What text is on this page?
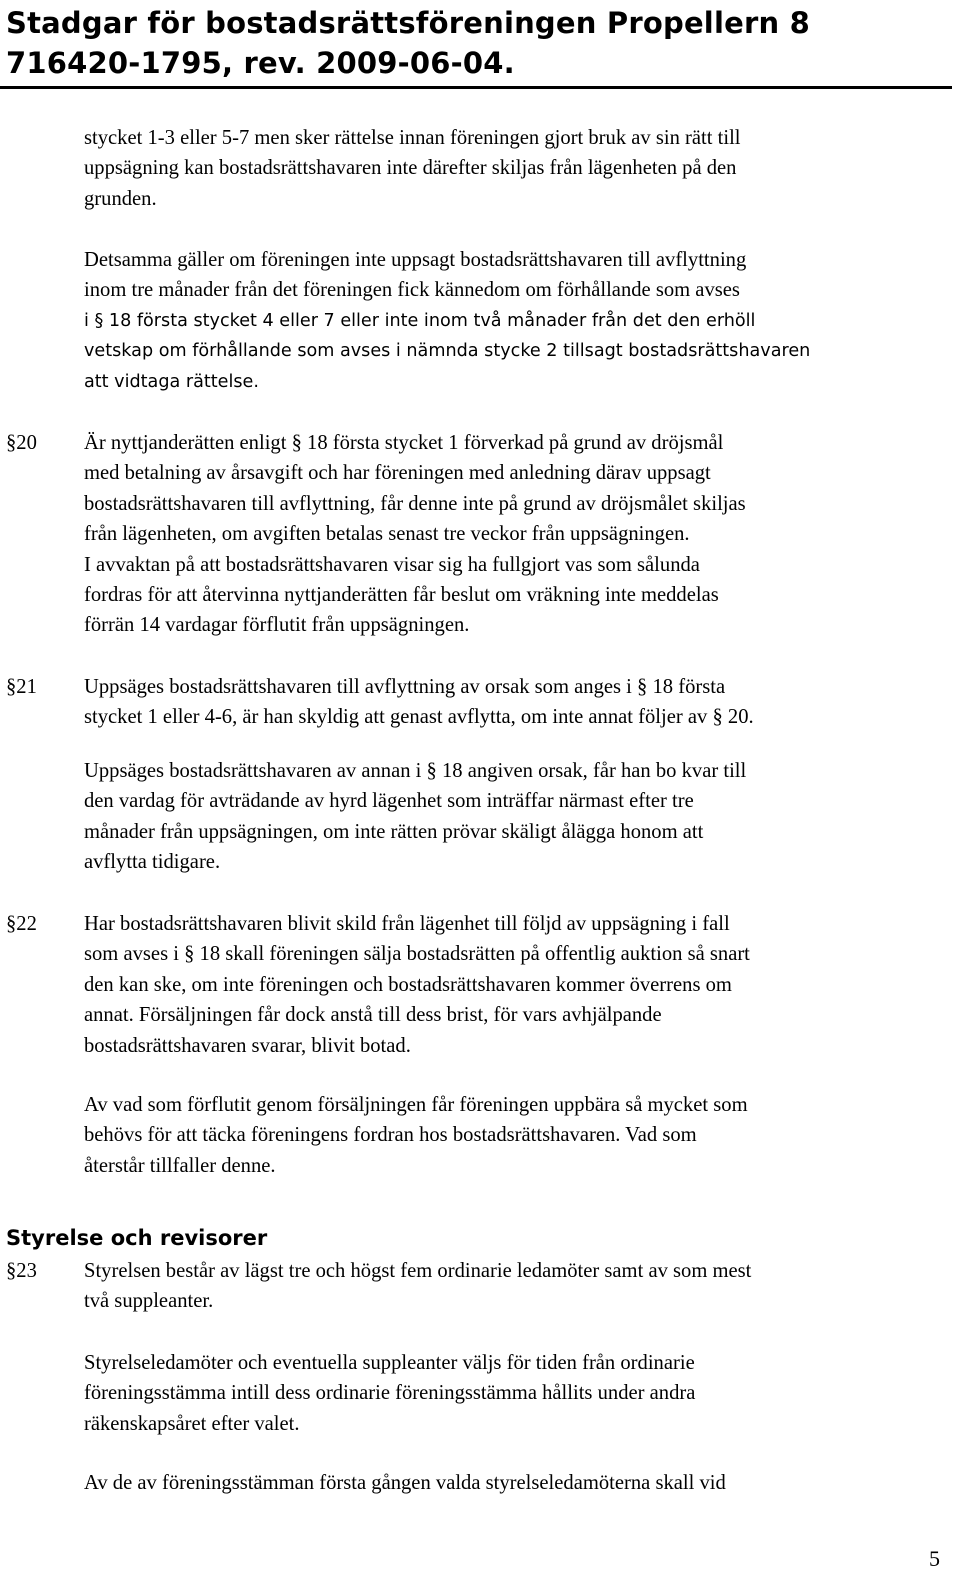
Stadgar för bostadsrättsföreningen Propellern 8

716420-1795, rev. 2009-06-04.

stycket 1-3 eller 5-7 men sker rättelse innan föreningen gjort bruk av sin rätt till
uppsägning kan bostadsrättshavaren inte därefter skiljas från lägenheten på den
grunden.
Detsamma gäller om föreningen inte uppsagt bostadsrättshavaren till avflyttning
inom tre månader från det föreningen fick kännedom om förhållande som avses
i § 18 första stycket 4 eller 7 eller inte inom två månader från det den erhöll
vetskap om förhållande som avses i nämnda stycke 2 tillsagt bostadsrättshavaren
att vidtaga rättelse.

§20 Är nyttjanderätten enligt § 18 första stycket 1 förverkad på grund av dröjsmål
med betalning av årsavgift och har föreningen med anledning därav uppsagt
bostadsrättshavaren till avflyttning, får denne inte på grund av dröjsmålet skiljas
från lägenheten, om avgiften betalas senast tre veckor från uppsägningen.
I avvaktan på att bostadsrättshavaren visar sig ha fullgjort vas som sålunda
fordras för att återvinna nyttjanderätten får beslut om vräkning inte meddelas
förrän 14 vardagar förflutit från uppsägningen.

§21 Uppsäges bostadsrättshavaren till avflyttning av orsak som anges i § 18 första
stycket 1 eller 4-6, är han skyldig att genast avflytta, om inte annat följer av § 20.
Uppsäges bostadsrättshavaren av annan i § 18 angiven orsak, får han bo kvar till
den vardag för avträdande av hyrd lägenhet som inträffar närmast efter tre
månader från uppsägningen, om inte rätten prövar skäligt ålägga honom att
avflytta tidigare.

§22 Har bostadsrättshavaren blivit skild från lägenhet till följd av uppsägning i fall
som avses i § 18 skall föreningen sälja bostadsrätten på offentlig auktion så snart
den kan ske, om inte föreningen och bostadsrättshavaren kommer överrens om
annat. Försäljningen får dock anstå till dess brist, för vars avhjälpande
bostadsrättshavaren svarar, blivit botad.
Av vad som förflutit genom försäljningen får föreningen uppbära så mycket som
behövs för att täcka föreningens fordran hos bostadsrättshavaren. Vad som
återstår tillfaller denne.

Styrelse och revisorer

§23 Styrelsen består av lägst tre och högst fem ordinarie ledamöter samt av som mest
två suppleanter.
Styrelseledamöter och eventuella suppleanter väljs för tiden från ordinarie
föreningsstämma intill dess ordinarie föreningsstämma hållits under andra
räkenskapsåret efter valet.
Av de av föreningsstämman första gången valda styrelseledamöterna skall vid

5
